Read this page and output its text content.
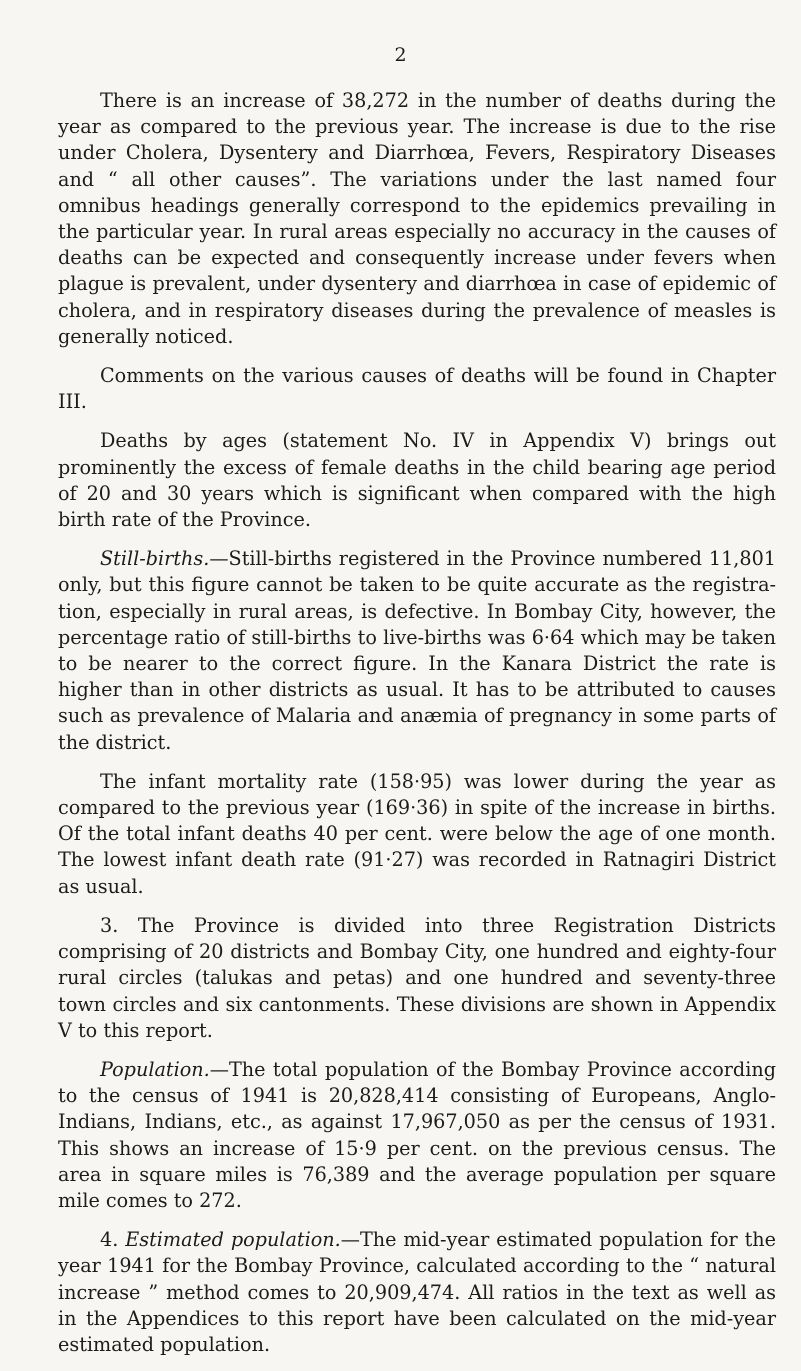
2

There is an increase of 38,272 in the number of deaths during the year as compared to the previous year. The increase is due to the rise under Cholera, Dysentery and Diarrhœa, Fevers, Respiratory Diseases and “ all other causes”. The variations under the last named four omnibus headings generally correspond to the epidemics prevailing in the particular year. In rural areas especially no accuracy in the causes of deaths can be expected and consequently increase under fevers when plague is prevalent, under dysentery and diarrhœa in case of epidemic of cholera, and in respiratory diseases during the prevalence of measles is generally noticed.

Comments on the various causes of deaths will be found in Chapter III.

Deaths by ages (statement No. IV in Appendix V) brings out prominently the excess of female deaths in the child bearing age period of 20 and 30 years which is significant when compared with the high birth rate of the Province.

Still-births.—Still-births registered in the Province numbered 11,801 only, but this figure cannot be taken to be quite accurate as the registra-tion, especially in rural areas, is defective. In Bombay City, however, the percentage ratio of still-births to live-births was 6·64 which may be taken to be nearer to the correct figure. In the Kanara District the rate is higher than in other districts as usual. It has to be attributed to causes such as prevalence of Malaria and anæmia of pregnancy in some parts of the district.

The infant mortality rate (158·95) was lower during the year as compared to the previous year (169·36) in spite of the increase in births. Of the total infant deaths 40 per cent. were below the age of one month. The lowest infant death rate (91·27) was recorded in Ratnagiri District as usual.

3. The Province is divided into three Registration Districts comprising of 20 districts and Bombay City, one hundred and eighty-four rural circles (talukas and petas) and one hundred and seventy-three town circles and six cantonments. These divisions are shown in Appendix V to this report.

Population.—The total population of the Bombay Province according to the census of 1941 is 20,828,414 consisting of Europeans, Anglo-Indians, Indians, etc., as against 17,967,050 as per the census of 1931. This shows an increase of 15·9 per cent. on the previous census. The area in square miles is 76,389 and the average population per square mile comes to 272.

4. Estimated population.—The mid-year estimated population for the year 1941 for the Bombay Province, calculated according to the “ natural increase ” method comes to 20,909,474. All ratios in the text as well as in the Appendices to this report have been calculated on the mid-year estimated population.
